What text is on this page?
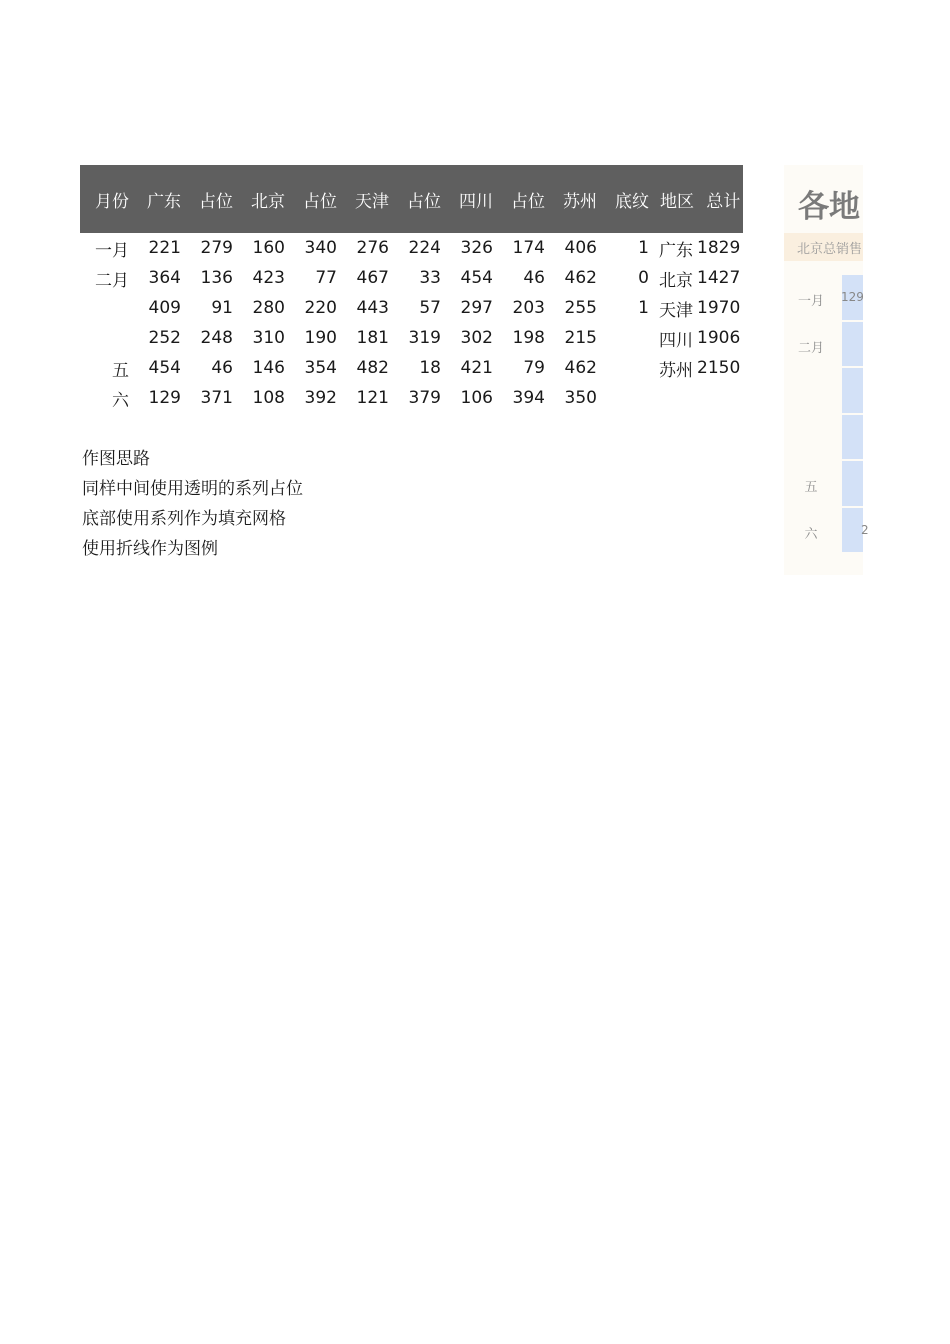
月份	广东	占位	北京	占位	天津	占位	四川	占位	苏州	底纹	地区	总计
一月	221	279	160	340	276	224	326	174	406	1	广东	1829
二月	364	136	423	77	467	33	454	46	462	0	北京	1427
	409	91	280	220	443	57	297	203	255	1	天津	1970
	252	248	310	190	181	319	302	198	215		四川	1906
五	454	46	146	354	482	18	421	79	462		苏州	2150
六	129	371	108	392	121	379	106	394	350			
作图思路
同样中间使用透明的系列占位
底部使用系列作为填充网格
使用折线作为图例
各地
北京总销售
一月
二月
五
六
129
2
